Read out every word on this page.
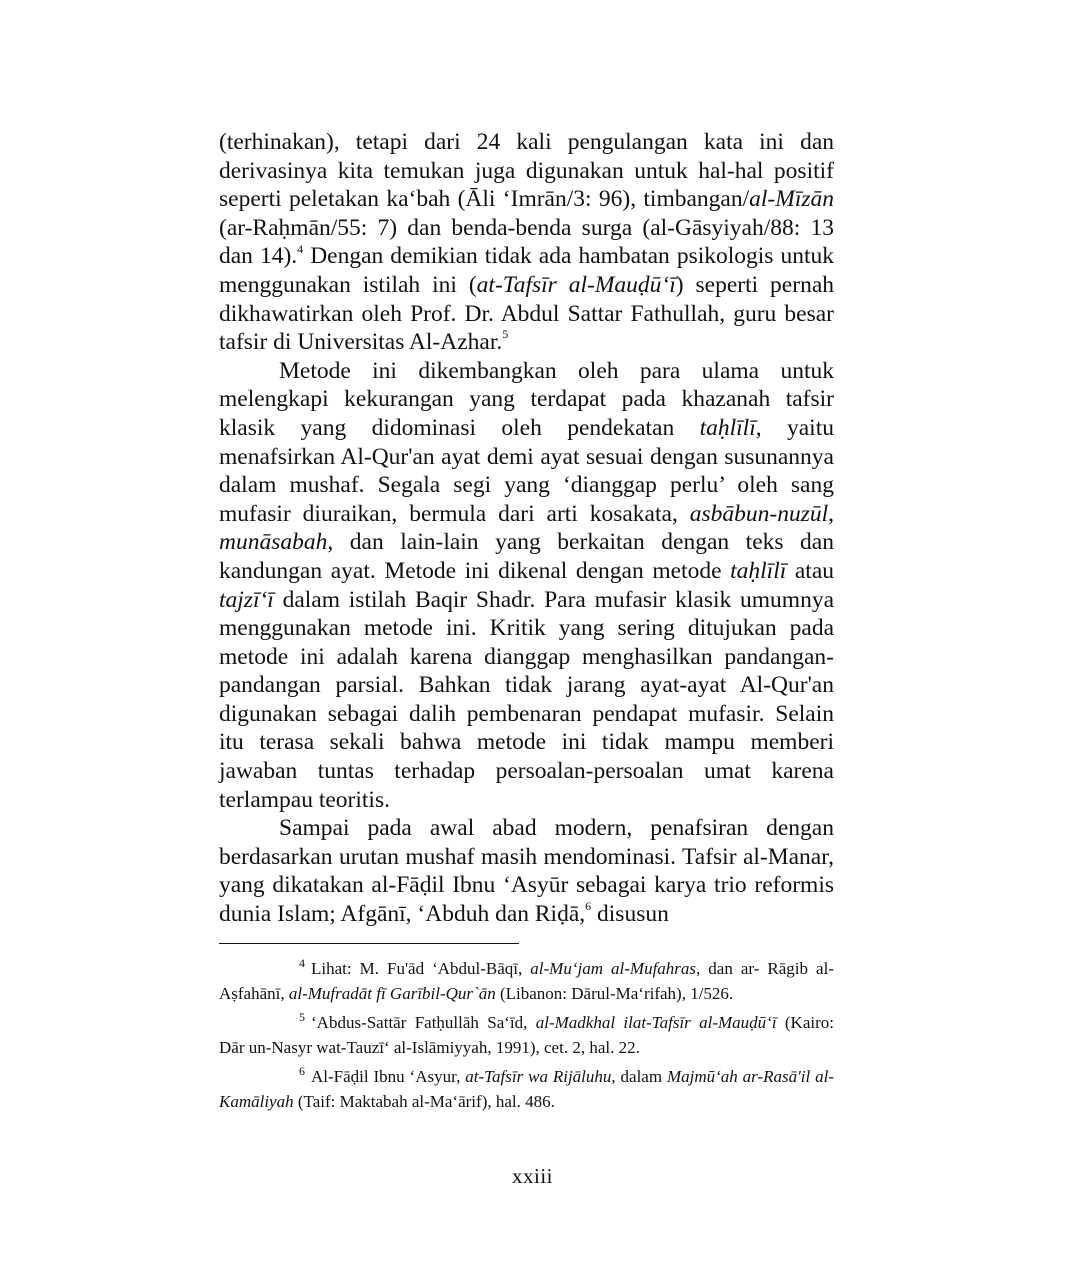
(terhinakan), tetapi dari 24 kali pengulangan kata ini dan derivasinya kita temukan juga digunakan untuk hal-hal positif seperti peletakan ka‘bah (Āli ‘Imrān/3: 96), timbangan/al-Mīzān (ar-Raḥmān/55: 7) dan benda-benda surga (al-Gāsyiyah/88: 13 dan 14).$^4$ Dengan demikian tidak ada hambatan psikologis untuk menggunakan istilah ini (at-Tafsīr al-Mauḍū‘ī) seperti pernah dikhawatirkan oleh Prof. Dr. Abdul Sattar Fathullah, guru besar tafsir di Universitas Al-Azhar.$^5$

Metode ini dikembangkan oleh para ulama untuk melengkapi kekurangan yang terdapat pada khazanah tafsir klasik yang didominasi oleh pendekatan taḥlīlī, yaitu menafsirkan Al-Qur'an ayat demi ayat sesuai dengan susunannya dalam mushaf. Segala segi yang ‘dianggap perlu’ oleh sang mufasir diuraikan, bermula dari arti kosakata, asbābun-nuzūl, munāsabah, dan lain-lain yang berkaitan dengan teks dan kandungan ayat. Metode ini dikenal dengan metode taḥlīlī atau tajzī‘ī dalam istilah Baqir Shadr. Para mufasir klasik umumnya menggunakan metode ini. Kritik yang sering ditujukan pada metode ini adalah karena dianggap menghasilkan pandangan-pandangan parsial. Bahkan tidak jarang ayat-ayat Al-Qur'an digunakan sebagai dalih pembenaran pendapat mufasir. Selain itu terasa sekali bahwa metode ini tidak mampu memberi jawaban tuntas terhadap persoalan-persoalan umat karena terlampau teoritis.

Sampai pada awal abad modern, penafsiran dengan berdasarkan urutan mushaf masih mendominasi. Tafsir al-Manar, yang dikatakan al-Fāḍil Ibnu ‘Asyūr sebagai karya trio reformis dunia Islam; Afgānī, ‘Abduh dan Riḍā,$^6$ disusun

$^4$ Lihat: M. Fu'ād ‘Abdul-Bāqī, al-Mu‘jam al-Mufahras, dan ar- Rāgib al-Aṣfahānī, al-Mufradāt fī Garībil-Qur`ān (Libanon: Dārul-Ma‘rifah), 1/526.

$^5$ ‘Abdus-Sattār Fatḥullāh Sa‘īd, al-Madkhal ilat-Tafsīr al-Mauḍū‘ī (Kairo: Dār un-Nasyr wat-Tauzī‘ al-Islāmiyyah, 1991), cet. 2, hal. 22.

$^6$ Al-Fāḍil Ibnu ‘Asyur, at-Tafsīr wa Rijāluhu, dalam Majmū‘ah ar-Rasā'il al-Kamāliyah (Taif: Maktabah al-Ma‘ārif), hal. 486.

xxiii
